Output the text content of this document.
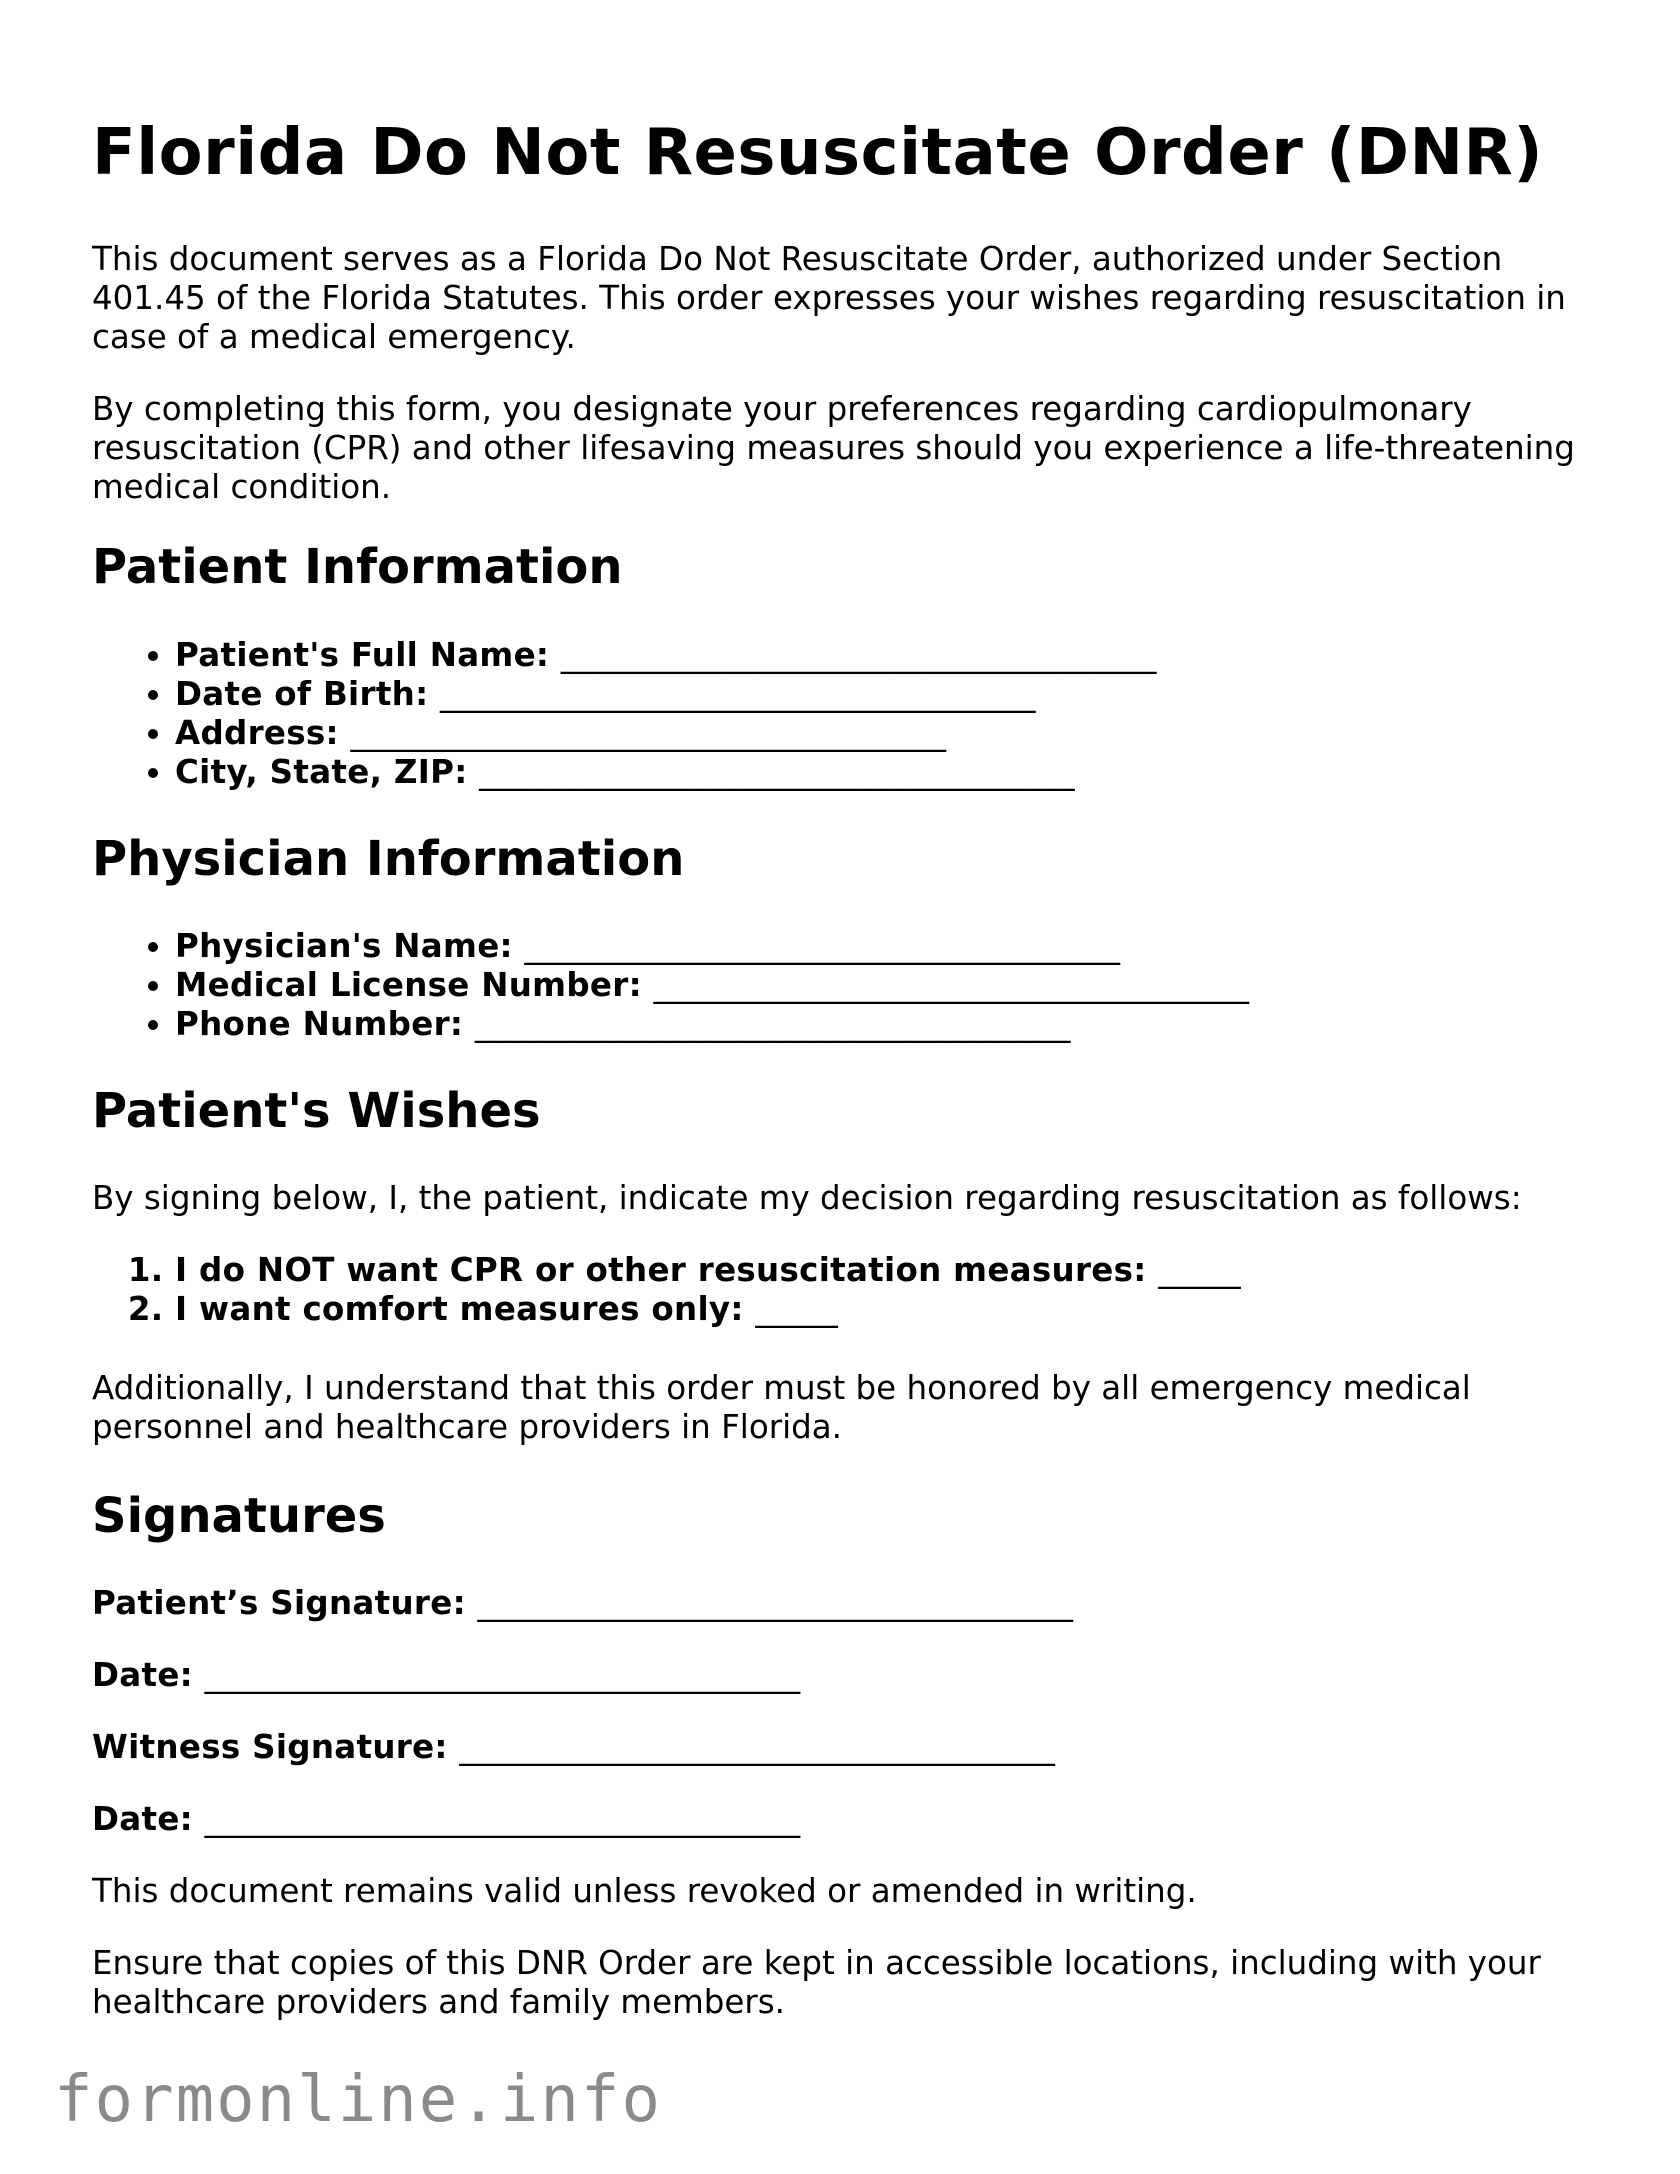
Florida Do Not Resuscitate Order (DNR)

This document serves as a Florida Do Not Resuscitate Order, authorized under Section 401.45 of the Florida Statutes. This order expresses your wishes regarding resuscitation in case of a medical emergency.

By completing this form, you designate your preferences regarding cardiopulmonary resuscitation (CPR) and other lifesaving measures should you experience a life-threatening medical condition.

Patient Information
• Patient's Full Name: ____________________________________
• Date of Birth: ____________________________________
• Address: ____________________________________
• City, State, ZIP: ____________________________________
Physician Information
• Physician's Name: ____________________________________
• Medical License Number: ____________________________________
• Phone Number: ____________________________________
Patient's Wishes

By signing below, I, the patient, indicate my decision regarding resuscitation as follows:

1. I do NOT want CPR or other resuscitation measures: _____
2. I want comfort measures only: _____

Additionally, I understand that this order must be honored by all emergency medical personnel and healthcare providers in Florida.

Signatures
Patient’s Signature: ____________________________________
Date: ____________________________________
Witness Signature: ____________________________________
Date: ____________________________________

This document remains valid unless revoked or amended in writing.

Ensure that copies of this DNR Order are kept in accessible locations, including with your healthcare providers and family members.

formonline.info
